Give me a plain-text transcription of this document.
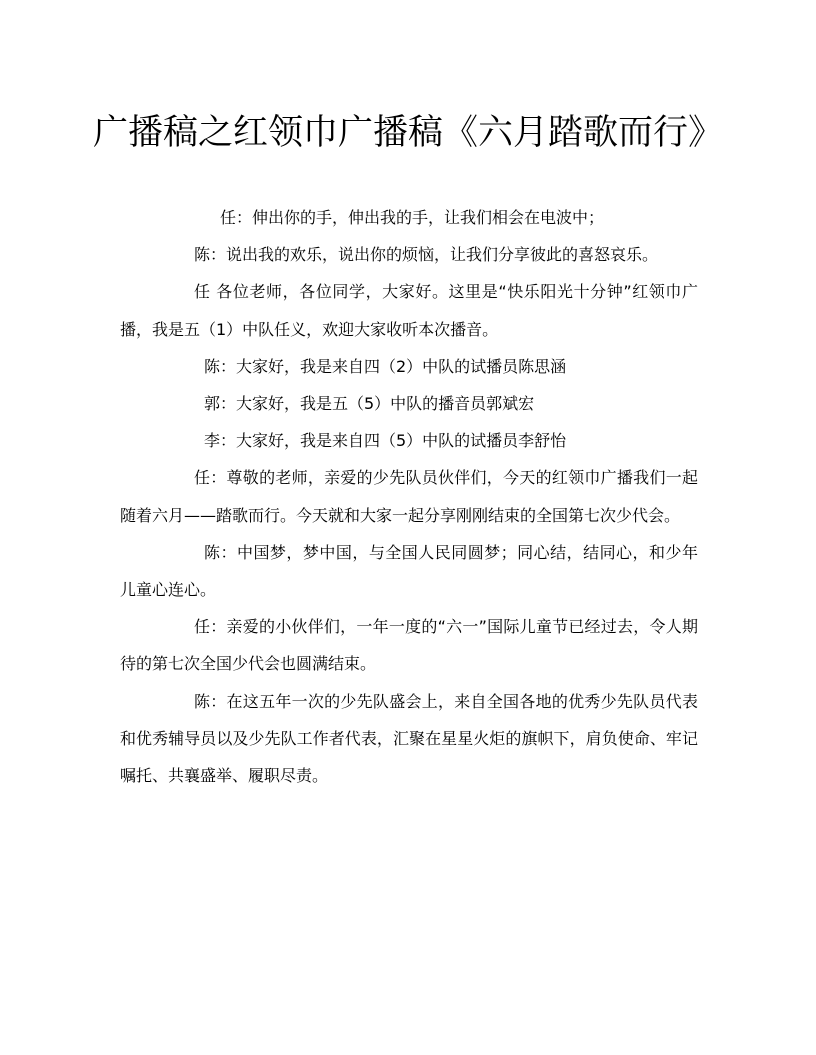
广播稿之红领巾广播稿《六月踏歌而行》

任：伸出你的手，伸出我的手，让我们相会在电波中；

陈：说出我的欢乐，说出你的烦恼，让我们分享彼此的喜怒哀乐。

任 各位老师，各位同学，大家好。这里是“快乐阳光十分钟”红领巾广播，我是五（1）中队任义，欢迎大家收听本次播音。

陈：大家好，我是来自四（2）中队的试播员陈思涵

郭：大家好，我是五（5）中队的播音员郭斌宏

李：大家好，我是来自四（5）中队的试播员李舒怡

任：尊敬的老师，亲爱的少先队员伙伴们，今天的红领巾广播我们一起随着六月——踏歌而行。今天就和大家一起分享刚刚结束的全国第七次少代会。

陈：中国梦，梦中国，与全国人民同圆梦；同心结，结同心，和少年儿童心连心。

任：亲爱的小伙伴们，一年一度的“六一”国际儿童节已经过去，令人期待的第七次全国少代会也圆满结束。

陈：在这五年一次的少先队盛会上，来自全国各地的优秀少先队员代表和优秀辅导员以及少先队工作者代表，汇聚在星星火炬的旗帜下，肩负使命、牢记嘱托、共襄盛举、履职尽责。
